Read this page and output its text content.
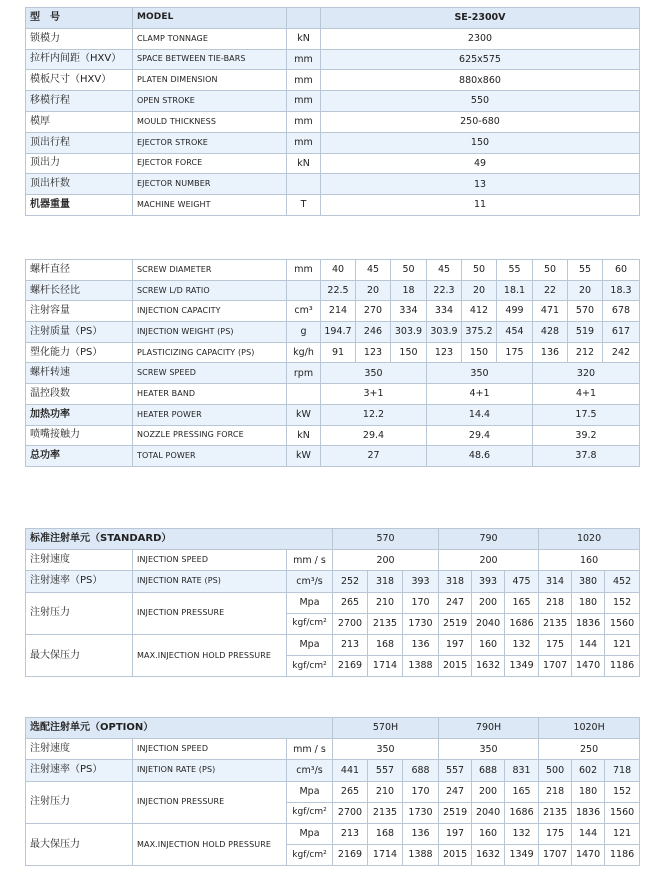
型　号	MODEL		SE-2300V
锁模力	CLAMP TONNAGE	kN	2300
拉杆内间距（HXV）	SPACE BETWEEN TIE-BARS	mm	625x575
模板尺寸（HXV）	PLATEN DIMENSION	mm	880x860
移模行程	OPEN STROKE	mm	550
模厚	MOULD THICKNESS	mm	250-680
顶出行程	EJECTOR STROKE	mm	150
顶出力	EJECTOR FORCE	kN	49
顶出杆数	EJECTOR NUMBER		13
机器重量	MACHINE WEIGHT	T	11
螺杆直径	SCREW DIAMETER	mm	40	45	50	45	50	55	50	55	60
螺杆长径比	SCREW L/D RATIO		22.5	20	18	22.3	20	18.1	22	20	18.3
注射容量	INJECTION CAPACITY	cm³	214	270	334	334	412	499	471	570	678
注射质量（PS）	INJECTION WEIGHT (PS)	g	194.7	246	303.9	303.9	375.2	454	428	519	617
塑化能力（PS）	PLASTICIZING CAPACITY (PS)	kg/h	91	123	150	123	150	175	136	212	242
螺杆转速	SCREW SPEED	rpm	350			350			320		
温控段数	HEATER BAND		3+1			4+1			4+1		
加热功率	HEATER POWER	kW	12.2			14.4			17.5		
喷嘴接触力	NOZZLE PRESSING FORCE	kN	29.4			29.4			39.2		
总功率	TOTAL POWER	kW	27			48.6			37.8		
标准注射单元（STANDARD）			570			790			1020		
注射速度	INJECTION SPEED	mm / s	200			200			160		
注射速率（PS）	INJECTION RATE (PS)	cm³/s	252	318	393	318	393	475	314	380	452
注射压力	INJECTION PRESSURE	Mpa	265	210	170	247	200	165	218	180	152
		kgf/cm²	2700	2135	1730	2519	2040	1686	2135	1836	1560
最大保压力	MAX.INJECTION HOLD PRESSURE	Mpa	213	168	136	197	160	132	175	144	121
		kgf/cm²	2169	1714	1388	2015	1632	1349	1707	1470	1186
选配注射单元（OPTION）			570H			790H			1020H		
注射速度	INJECTION SPEED	mm / s	350			350			250		
注射速率（PS）	INJETION RATE (PS)	cm³/s	441	557	688	557	688	831	500	602	718
注射压力	INJECTION PRESSURE	Mpa	265	210	170	247	200	165	218	180	152
		kgf/cm²	2700	2135	1730	2519	2040	1686	2135	1836	1560
最大保压力	MAX.INJECTION HOLD PRESSURE	Mpa	213	168	136	197	160	132	175	144	121
		kgf/cm²	2169	1714	1388	2015	1632	1349	1707	1470	1186
